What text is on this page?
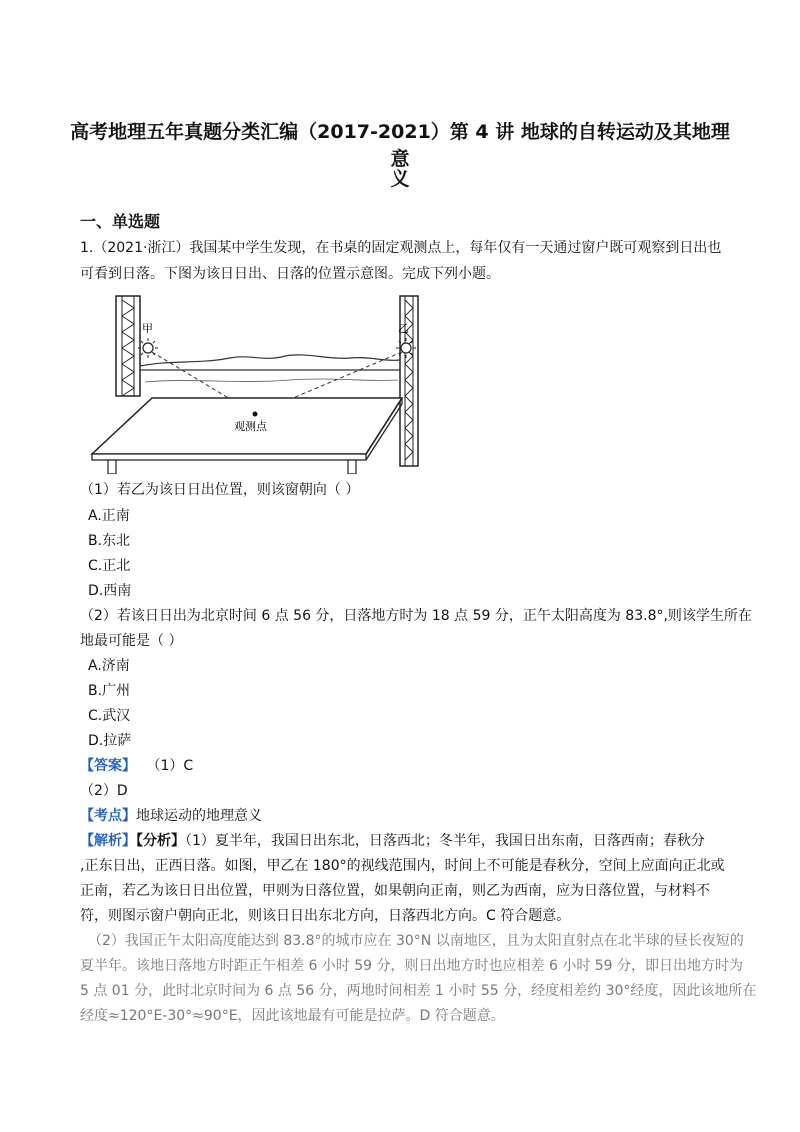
高考地理五年真题分类汇编（2017-2021）第 4 讲 地球的自转运动及其地理意
义
一、单选题
1.（2021·浙江）我国某中学生发现，在书桌的固定观测点上，每年仅有一天通过窗户既可观察到日出也
可看到日落。下图为该日日出、日落的位置示意图。完成下列小题。
甲	乙
观测点
（1）若乙为该日日出位置，则该窗朝向（ ）
A.正南
B.东北
C.正北
D.西南
（2）若该日日出为北京时间 6 点 56 分，日落地方时为 18 点 59 分，正午太阳高度为 83.8°,则该学生所在
地最可能是（ ）
A.济南
B.广州
C.武汉
D.拉萨
【答案】 （1）C
（2）D
【考点】地球运动的地理意义
【解析】【分析】（1）夏半年，我国日出东北，日落西北；冬半年，我国日出东南，日落西南；春秋分
,正东日出，正西日落。如图，甲乙在 180°的视线范围内，时间上不可能是春秋分，空间上应面向正北或
正南，若乙为该日日出位置，甲则为日落位置，如果朝向正南，则乙为西南，应为日落位置，与材料不
符，则图示窗户朝向正北，则该日日出东北方向，日落西北方向。C 符合题意。
（2）我国正午太阳高度能达到 83.8°的城市应在 30°N 以南地区，且为太阳直射点在北半球的昼长夜短的
夏半年。该地日落地方时距正午相差 6 小时 59 分，则日出地方时也应相差 6 小时 59 分，即日出地方时为
5 点 01 分，此时北京时间为 6 点 56 分，两地时间相差 1 小时 55 分，经度相差约 30°经度，因此该地所在
经度≈120°E-30°≈90°E，因此该地最有可能是拉萨。D 符合题意。
